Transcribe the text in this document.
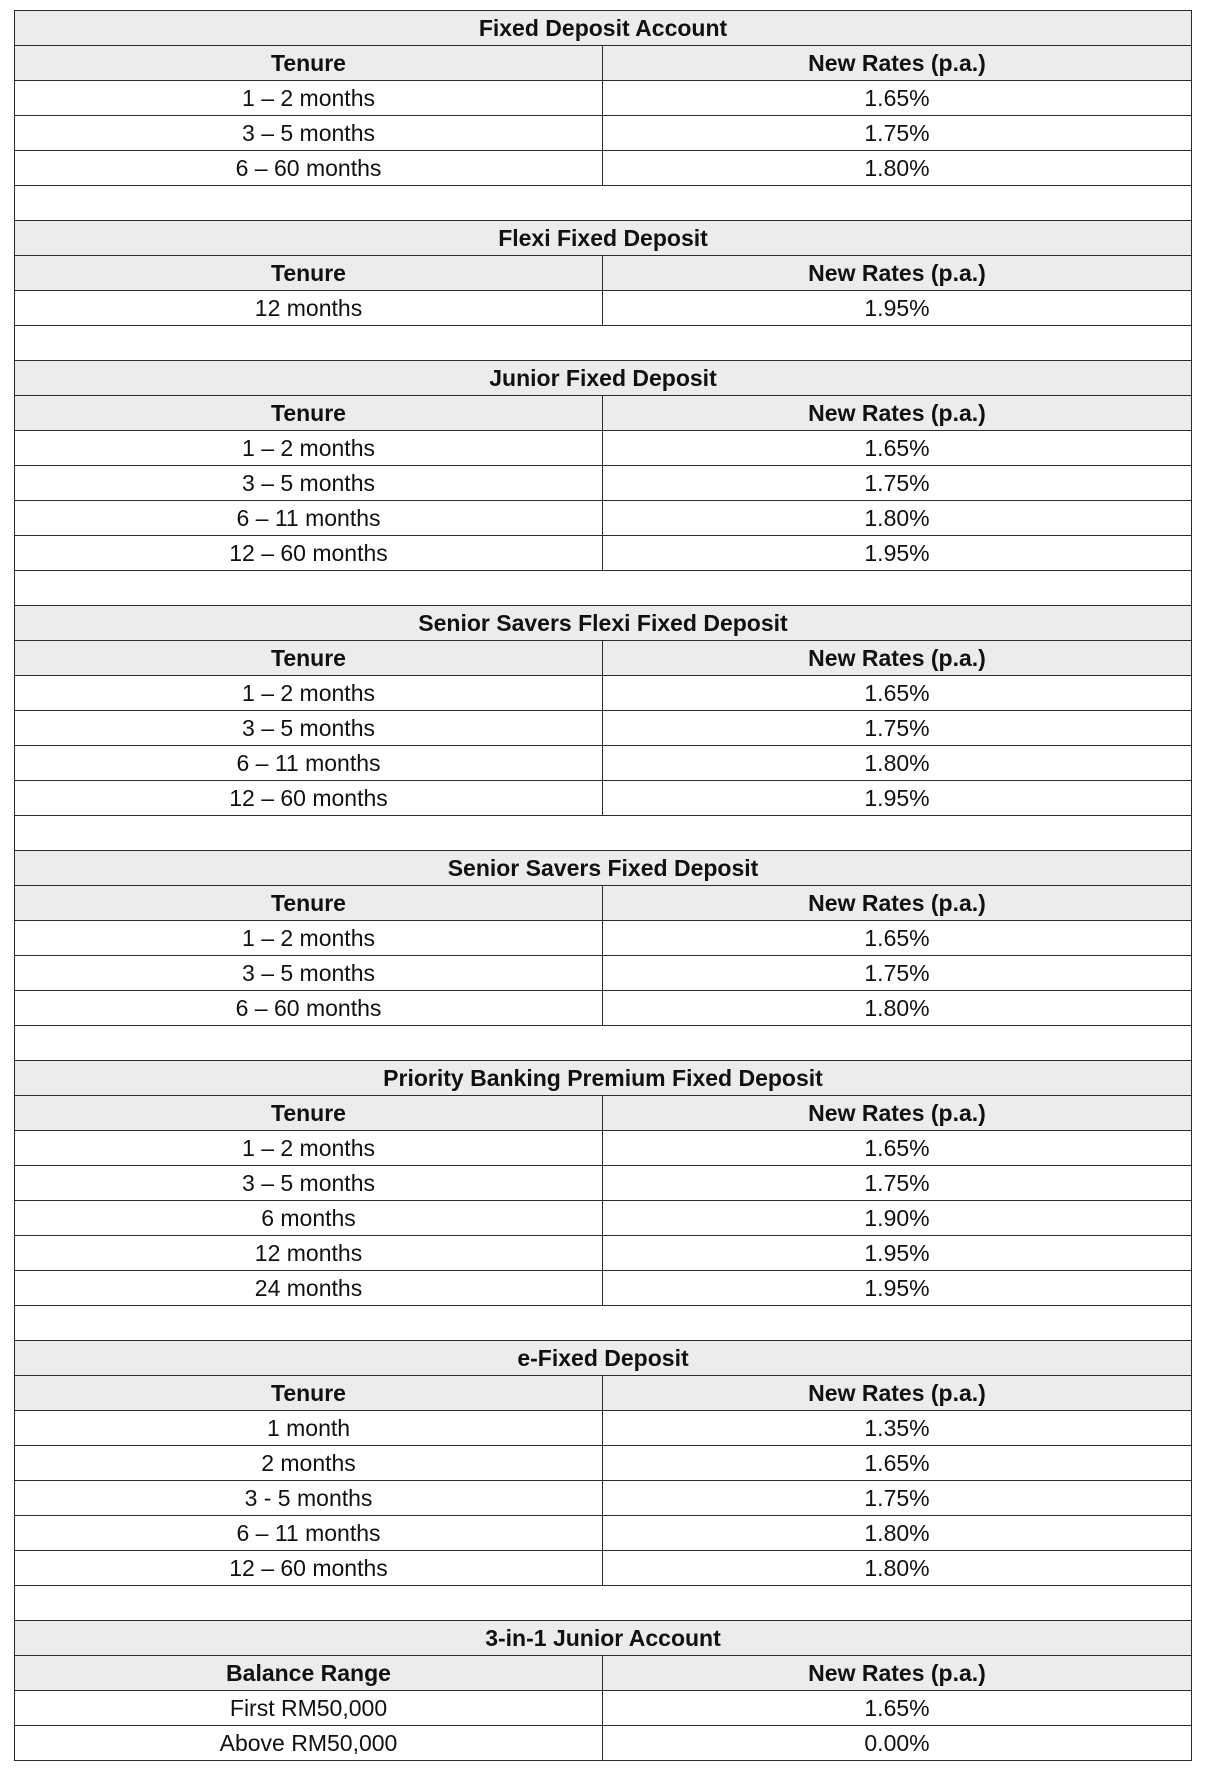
Fixed Deposit Account	
Tenure	New Rates (p.a.)
1 – 2 months	1.65%
3 – 5 months	1.75%
6 – 60 months	1.80%

Flexi Fixed Deposit	
Tenure	New Rates (p.a.)
12 months	1.95%

Junior Fixed Deposit	
Tenure	New Rates (p.a.)
1 – 2 months	1.65%
3 – 5 months	1.75%
6 – 11 months	1.80%
12 – 60 months	1.95%

Senior Savers Flexi Fixed Deposit	
Tenure	New Rates (p.a.)
1 – 2 months	1.65%
3 – 5 months	1.75%
6 – 11 months	1.80%
12 – 60 months	1.95%

Senior Savers Fixed Deposit	
Tenure	New Rates (p.a.)
1 – 2 months	1.65%
3 – 5 months	1.75%
6 – 60 months	1.80%

Priority Banking Premium Fixed Deposit	
Tenure	New Rates (p.a.)
1 – 2 months	1.65%
3 – 5 months	1.75%
6 months	1.90%
12 months	1.95%
24 months	1.95%

e-Fixed Deposit	
Tenure	New Rates (p.a.)
1 month	1.35%
2 months	1.65%
3 - 5 months	1.75%
6 – 11 months	1.80%
12 – 60 months	1.80%

3-in-1 Junior Account	
Balance Range	New Rates (p.a.)
First RM50,000	1.65%
Above RM50,000	0.00%
